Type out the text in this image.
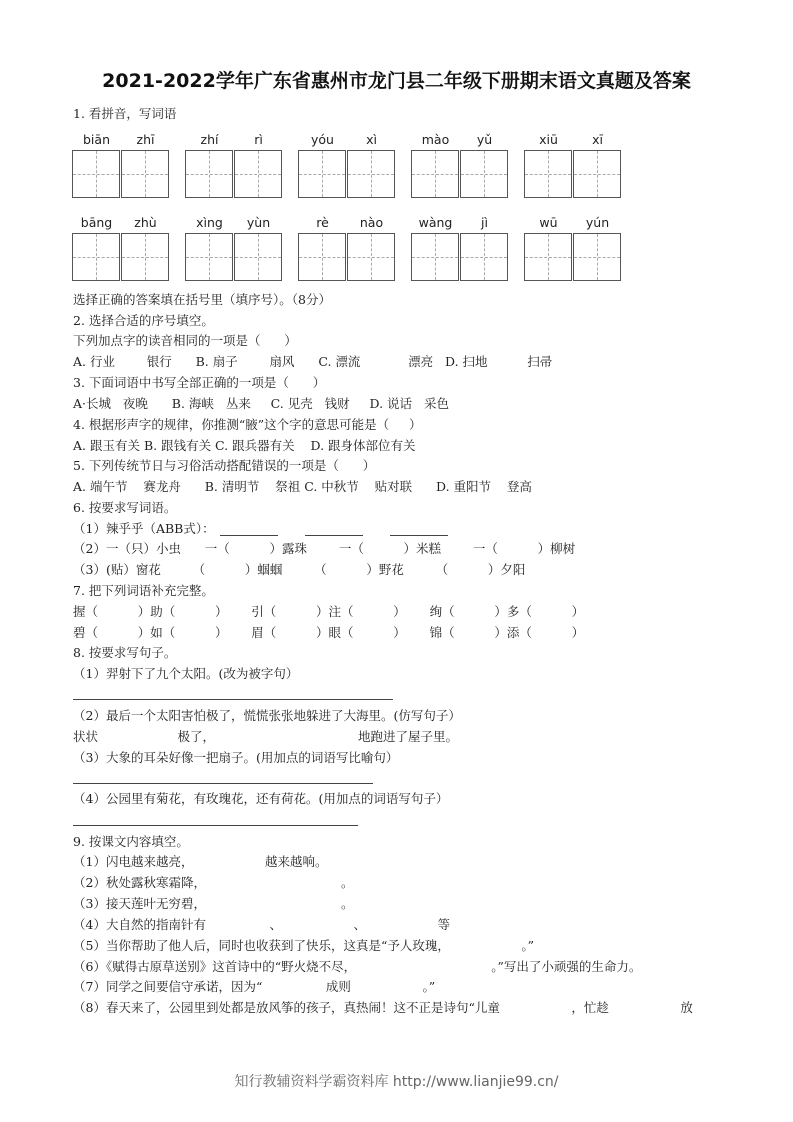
2021-2022学年广东省惠州市龙门县二年级下册期末语文真题及答案
1. 看拼音，写词语
biān	zhī	zhí	rì	yóu	xì	mào	yǔ	xiū	xī
bāng	zhù	xìng	yùn	rè	nào	wàng	jì	wū	yún
选择正确的答案填在括号里（填序号）。（8分）
2. 选择合适的序号填空。
下列加点字的读音相同的一项是（      ）
A. 行业        银行      B. 扇子        扇风      C. 漂流            漂亮   D. 扫地          扫帚
3. 下面词语中书写全部正确的一项是（      ）
A·长城   夜晚      B. 海峡   丛来     C. 见壳   钱财     D. 说话   采色
4. 根据形声字的规律，你推测“腋”这个字的意思可能是（     ）
A. 跟玉有关 B. 跟钱有关 C. 跟兵器有关    D. 跟身体部位有关
5. 下列传统节日与习俗活动搭配错误的一项是（      ）
A. 端午节    赛龙舟      B. 清明节    祭祖 C. 中秋节    贴对联      D. 重阳节    登高
6. 按要求写词语。
（1）辣乎乎（ABB式）：
（2）一（只）小虫      一（          ）露珠        一（          ）米糕        一（          ）柳树
（3）(贴）窗花        （          ）蝈蝈        （          ）野花        （          ）夕阳
7. 把下列词语补充完整。
握（          ）助（          ）      引（          ）注（          ）      绚（          ）多（          ）
碧（          ）如（          ）      眉（          ）眼（          ）      锦（          ）添（          ）
8. 按要求写句子。
（1）羿射下了九个太阳。(改为被字句）
（2）最后一个太阳害怕极了，慌慌张张地躲进了大海里。(仿写句子）
状状                    极了，                                    地跑进了屋子里。
（3）大象的耳朵好像一把扇子。(用加点的词语写比喻句）
（4）公园里有菊花，有玫瑰花，还有荷花。(用加点的词语写句子）
9. 按课文内容填空。
（1）闪电越来越亮，                  越来越响。
（2）秋处露秋寒霜降，                                  。
（3）接天莲叶无穷碧，                                  。
（4）大自然的指南针有                、                  、                  等
（5）当你帮助了他人后，同时也收获到了快乐，这真是“予人玫瑰，                  。”
（6）《赋得古原草送别》这首诗中的“野火烧不尽，                                  。”写出了小顽强的生命力。
（7）同学之间要信守承诺，因为“                成则                  。”
（8）春天来了，公园里到处都是放风筝的孩子，真热闹！这不正是诗句“儿童                  ，忙趁                  放
知行教辅资料学霸资料库 http://www.lianjie99.cn/
